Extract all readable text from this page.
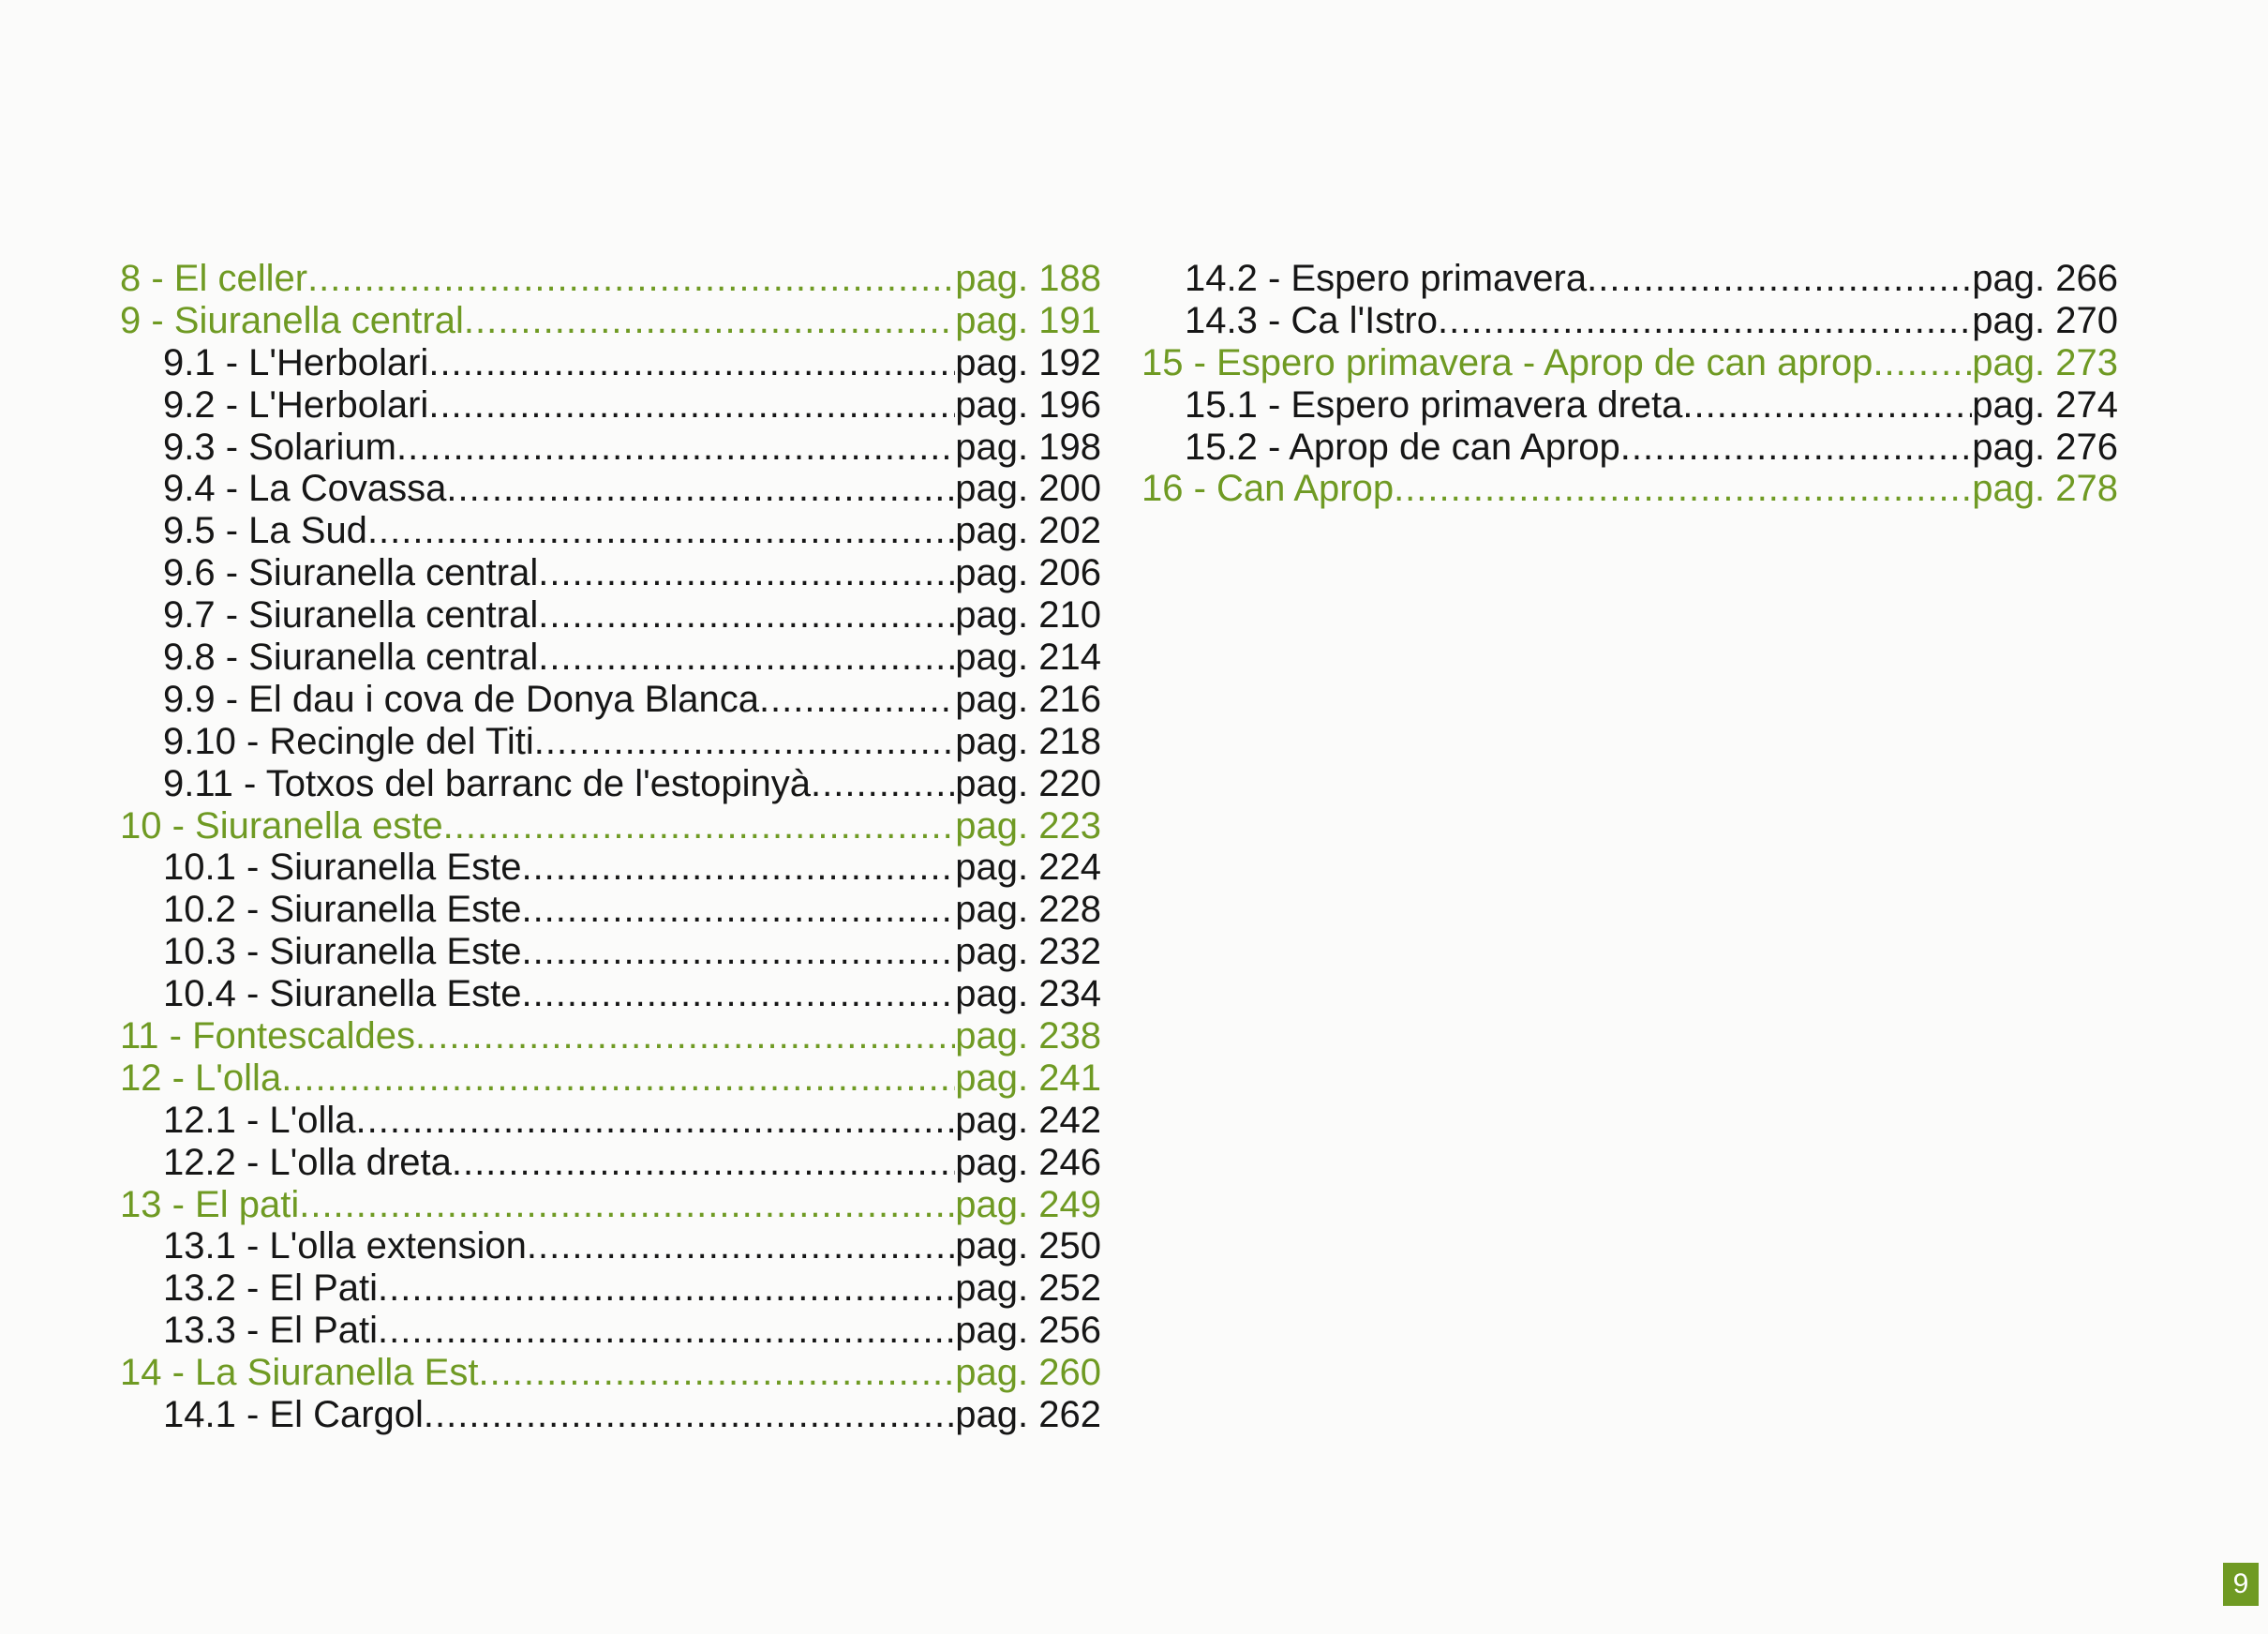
8 - El celler .....	pag. 188
9 - Siuranella central .....	pag. 191
9.1 - L'Herbolari .....	pag. 192
9.2 - L'Herbolari .....	pag. 196
9.3 - Solarium .....	pag. 198
9.4 - La Covassa .....	pag. 200
9.5 - La Sud .....	pag. 202
9.6 - Siuranella central .....	pag. 206
9.7 - Siuranella central .....	pag. 210
9.8 - Siuranella central .....	pag. 214
9.9 - El dau i cova de Donya Blanca .....	pag. 216
9.10 - Recingle del Titi .....	pag. 218
9.11 - Totxos del barranc de l'estopinyà .....	pag. 220
10 - Siuranella este .....	pag. 223
10.1 - Siuranella Este .....	pag. 224
10.2 - Siuranella Este .....	pag. 228
10.3 - Siuranella Este .....	pag. 232
10.4 - Siuranella Este .....	pag. 234
11 - Fontescaldes .....	pag. 238
12 - L'olla .....	pag. 241
12.1 - L'olla .....	pag. 242
12.2 - L'olla dreta .....	pag. 246
13 - El pati .....	pag. 249
13.1 - L'olla extension .....	pag. 250
13.2 - El Pati .....	pag. 252
13.3 - El Pati .....	pag. 256
14 - La Siuranella Est .....	pag. 260
14.1 - El Cargol .....	pag. 262
14.2 - Espero primavera .....	pag. 266
14.3 - Ca l'Istro .....	pag. 270
15 - Espero primavera - Aprop de can aprop .....	pag. 273
15.1 - Espero primavera dreta .....	pag. 274
15.2 - Aprop de can Aprop .....	pag. 276
16 - Can Aprop .....	pag. 278
9
